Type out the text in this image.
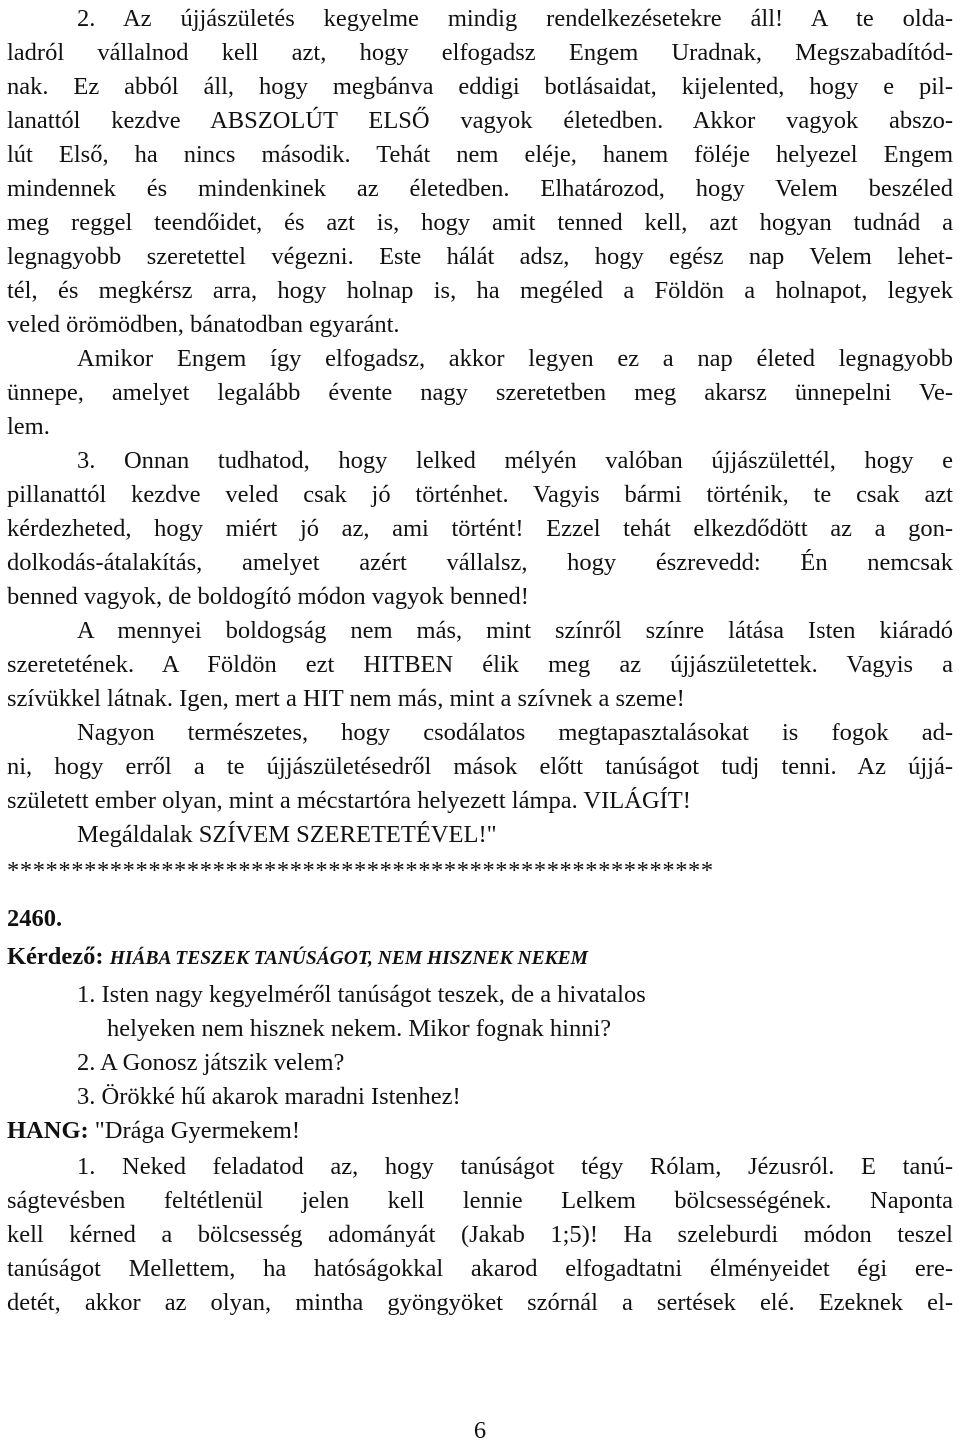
2. Az újjászületés kegyelme mindig rendelkezésetekre áll! A te olda-
ladról vállalnod kell azt, hogy elfogadsz Engem Uradnak, Megszabadítód-
nak. Ez abból áll, hogy megbánva eddigi botlásaidat, kijelented, hogy e pil-
lanattól kezdve ABSZOLÚT ELSŐ vagyok életedben. Akkor vagyok abszo-
lút Első, ha nincs második. Tehát nem eléje, hanem föléje helyezel Engem
mindennek és mindenkinek az életedben. Elhatározod, hogy Velem beszéled
meg reggel teendőidet, és azt is, hogy amit tenned kell, azt hogyan tudnád a
legnagyobb szeretettel végezni. Este hálát adsz, hogy egész nap Velem lehet-
tél, és megkérsz arra, hogy holnap is, ha megéled a Földön a holnapot, legyek
veled örömödben, bánatodban egyaránt.
Amikor Engem így elfogadsz, akkor legyen ez a nap életed legnagyobb
ünnepe, amelyet legalább évente nagy szeretetben meg akarsz ünnepelni Ve-
lem.
3. Onnan tudhatod, hogy lelked mélyén valóban újjászülettél, hogy e
pillanattól kezdve veled csak jó történhet. Vagyis bármi történik, te csak azt
kérdezheted, hogy miért jó az, ami történt! Ezzel tehát elkezdődött az a gon-
dolkodás-átalakítás, amelyet azért vállalsz, hogy észrevedd: Én nemcsak
benned vagyok, de boldogító módon vagyok benned!
A mennyei boldogság nem más, mint színről színre látása Isten kiáradó
szeretetének. A Földön ezt HITBEN élik meg az újjászületettek. Vagyis a
szívükkel látnak. Igen, mert a HIT nem más, mint a szívnek a szeme!
Nagyon természetes, hogy csodálatos megtapasztalásokat is fogok ad-
ni, hogy erről a te újjászületésedről mások előtt tanúságot tudj tenni. Az újjá-
született ember olyan, mint a mécstartóra helyezett lámpa. VILÁGÍT!
Megáldalak SZÍVEM SZERETETÉVEL!"
*******************************************************
2460.
Kérdező: HIÁBA TESZEK TANÚSÁGOT, NEM HISZNEK NEKEM
1. Isten nagy kegyelméről tanúságot teszek, de a hivatalos
helyeken nem hisznek nekem. Mikor fognak hinni?
2. A Gonosz játszik velem?
3. Örökké hű akarok maradni Istenhez!
HANG: "Drága Gyermekem!
1. Neked feladatod az, hogy tanúságot tégy Rólam, Jézusról. E tanú-
ságtevésben feltétlenül jelen kell lennie Lelkem bölcsességének. Naponta
kell kérned a bölcsesség adományát (Jakab 1;5)! Ha szeleburdi módon teszel
tanúságot Mellettem, ha hatóságokkal akarod elfogadtatni élményeidet égi ere-
detét, akkor az olyan, mintha gyöngyöket szórnál a sertések elé. Ezeknek el-
6
